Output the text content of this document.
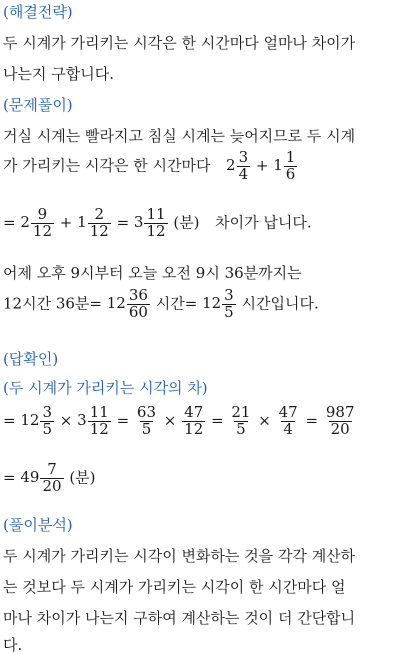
(해결전략)
두 시계가 가리키는 시각은 한 시간마다 얼마나 차이가
나는지 구합니다.
(문제풀이)
거실 시계는 빨라지고 침실 시계는 늦어지므로 두 시계
가 가리키는 시각은 한 시간마다 $2 \frac{3}{4} + 1 \frac{1}{6}$
= $2 \frac{9}{12} + 1 \frac{2}{12} = 3 \frac{11}{12}$ (분) 차이가 납니다.
어제 오후 9시부터 오늘 오전 9시 36분까지는
12시간 36분= $12 \frac{36}{60}$ 시간= $12 \frac{3}{5}$ 시간입니다.
(답확인)
(두 시계가 가리키는 시각의 차)
= $12 \frac{3}{5} \times 3 \frac{11}{12} = \frac{63}{5} \times \frac{47}{12} = \frac{21}{5} \times \frac{47}{4} = \frac{987}{20}$
= $49 \frac{7}{20}$ (분)
(풀이분석)
두 시계가 가리키는 시각이 변화하는 것을 각각 계산하
는 것보다 두 시계가 가리키는 시각이 한 시간마다 얼
마나 차이가 나는지 구하여 계산하는 것이 더 간단합니
다.
